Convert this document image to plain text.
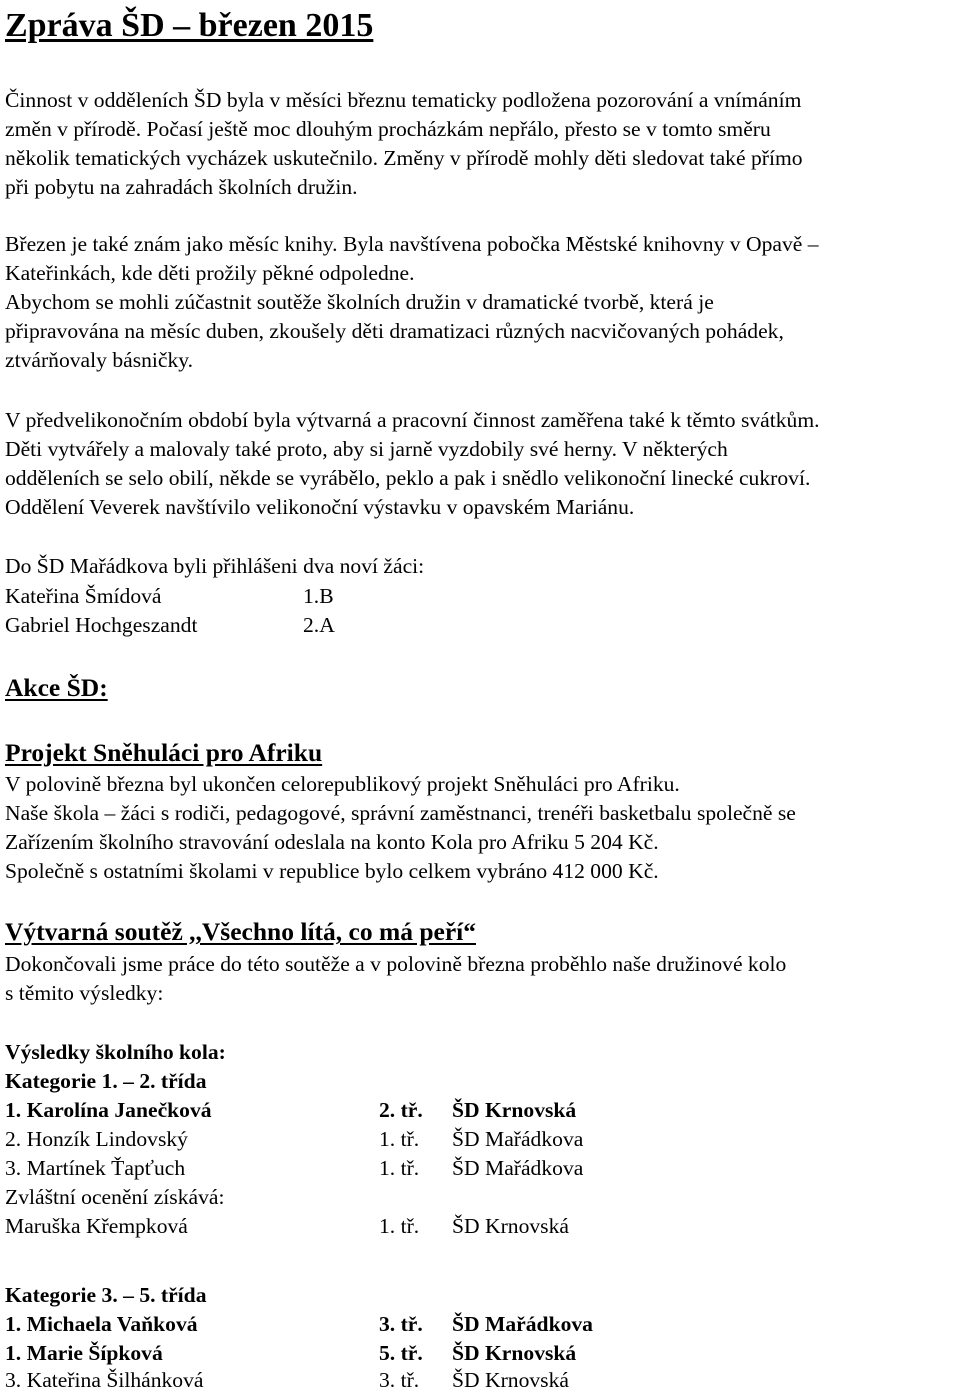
Zpráva ŠD – březen 2015

Činnost v odděleních ŠD byla v měsíci březnu tematicky podložena pozorování a vnímáním
změn v přírodě. Počasí ještě moc dlouhým procházkám nepřálo, přesto se v tomto směru
několik tematických vycházek uskutečnilo. Změny v přírodě mohly děti sledovat také přímo
při pobytu na zahradách školních družin.

Březen je také znám jako měsíc knihy. Byla navštívena pobočka Městské knihovny v Opavě –
Kateřinkách, kde děti prožily pěkné odpoledne.
Abychom se mohli zúčastnit soutěže školních družin v dramatické tvorbě, která je
připravována na měsíc duben, zkoušely děti dramatizaci různých nacvičovaných pohádek,
ztvárňovaly básničky.

V předvelikonočním období byla výtvarná a pracovní činnost zaměřena také k těmto svátkům.
Děti vytvářely a malovaly také proto, aby si jarně vyzdobily své herny. V některých
odděleních se selo obilí, někde se vyrábělo, peklo a pak i snědlo velikonoční linecké cukroví.
Oddělení Veverek navštívilo velikonoční výstavku v opavském Mariánu.

Do ŠD Mařádkova byli přihlášeni dva noví žáci:

Kateřina Šmídová	1.B
Gabriel Hochgeszandt	2.A
Akce ŠD:
Projekt Sněhuláci pro Afriku

V polovině března byl ukončen celorepublikový projekt Sněhuláci pro Afriku.
Naše škola – žáci s rodiči, pedagogové, správní zaměstnanci, trenéři basketbalu společně se
Zařízením školního stravování odeslala na konto Kola pro Afriku 5 204 Kč.
Společně s ostatními školami v republice bylo celkem vybráno 412 000 Kč.

Výtvarná soutěž ,,Všechno lítá, co má peří“

Dokončovali jsme práce do této soutěže a v polovině března proběhlo naše družinové kolo
s těmito výsledky:

Výsledky školního kola:
Kategorie 1. – 2. třída
1. Karolína Janečková	2. tř. ŠD Krnovská
2. Honzík Lindovský	1. tř. ŠD Mařádkova
3. Martínek Ťapťuch	1. tř. ŠD Mařádkova
Zvláštní ocenění získává:
Maruška Křempková	1. tř. ŠD Krnovská
Kategorie 3. – 5. třída
1. Michaela Vaňková	3. tř. ŠD Mařádkova
1. Marie Šípková	5. tř. ŠD Krnovská
3. Kateřina Šilhánková	3. tř. ŠD Krnovská
